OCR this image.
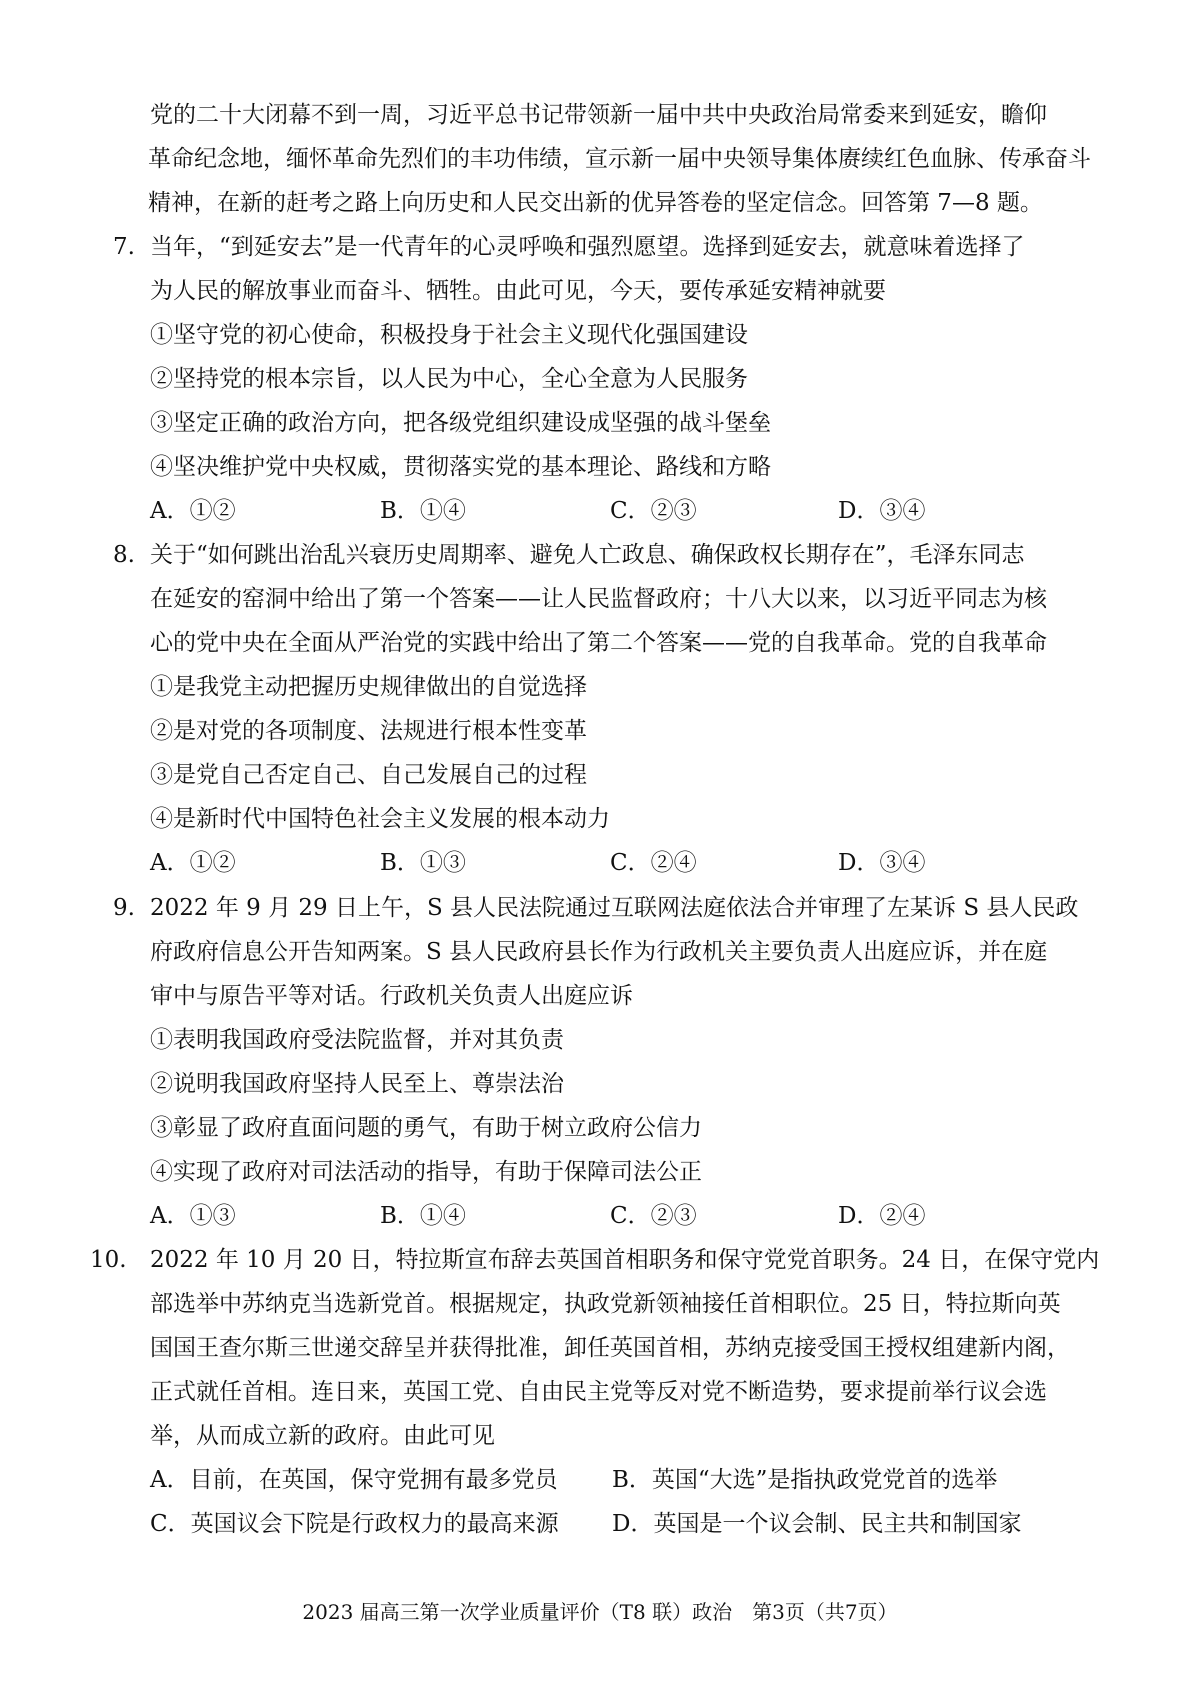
党的二十大闭幕不到一周，习近平总书记带领新一届中共中央政治局常委来到延安，瞻仰
革命纪念地，缅怀革命先烈们的丰功伟绩，宣示新一届中央领导集体赓续红色血脉、传承奋斗
精神，在新的赶考之路上向历史和人民交出新的优异答卷的坚定信念。回答第 7—8 题。
7. 当年，“到延安去”是一代青年的心灵呼唤和强烈愿望。选择到延安去，就意味着选择了
为人民的解放事业而奋斗、牺牲。由此可见，今天，要传承延安精神就要
①坚守党的初心使命，积极投身于社会主义现代化强国建设
②坚持党的根本宗旨，以人民为中心，全心全意为人民服务
③坚定正确的政治方向，把各级党组织建设成坚强的战斗堡垒
④坚决维护党中央权威，贯彻落实党的基本理论、路线和方略
A．①②	B．①④	C．②③	D．③④
8. 关于“如何跳出治乱兴衰历史周期率、避免人亡政息、确保政权长期存在”，毛泽东同志
在延安的窑洞中给出了第一个答案——让人民监督政府；十八大以来，以习近平同志为核
心的党中央在全面从严治党的实践中给出了第二个答案——党的自我革命。党的自我革命
①是我党主动把握历史规律做出的自觉选择
②是对党的各项制度、法规进行根本性变革
③是党自己否定自己、自己发展自己的过程
④是新时代中国特色社会主义发展的根本动力
A．①②	B．①③	C．②④	D．③④
9. 2022 年 9 月 29 日上午，S 县人民法院通过互联网法庭依法合并审理了左某诉 S 县人民政
府政府信息公开告知两案。S 县人民政府县长作为行政机关主要负责人出庭应诉，并在庭
审中与原告平等对话。行政机关负责人出庭应诉
①表明我国政府受法院监督，并对其负责
②说明我国政府坚持人民至上、尊崇法治
③彰显了政府直面问题的勇气，有助于树立政府公信力
④实现了政府对司法活动的指导，有助于保障司法公正
A．①③	B．①④	C．②③	D．②④
10. 2022 年 10 月 20 日，特拉斯宣布辞去英国首相职务和保守党党首职务。24 日，在保守党内
部选举中苏纳克当选新党首。根据规定，执政党新领袖接任首相职位。25 日，特拉斯向英
国国王查尔斯三世递交辞呈并获得批准，卸任英国首相，苏纳克接受国王授权组建新内阁，
正式就任首相。连日来，英国工党、自由民主党等反对党不断造势，要求提前举行议会选
举，从而成立新的政府。由此可见
A．目前，在英国，保守党拥有最多党员 B．英国“大选”是指执政党党首的选举
C．英国议会下院是行政权力的最高来源 D．英国是一个议会制、民主共和制国家
2023 届高三第一次学业质量评价（T8 联）政治　第3页（共7页）
